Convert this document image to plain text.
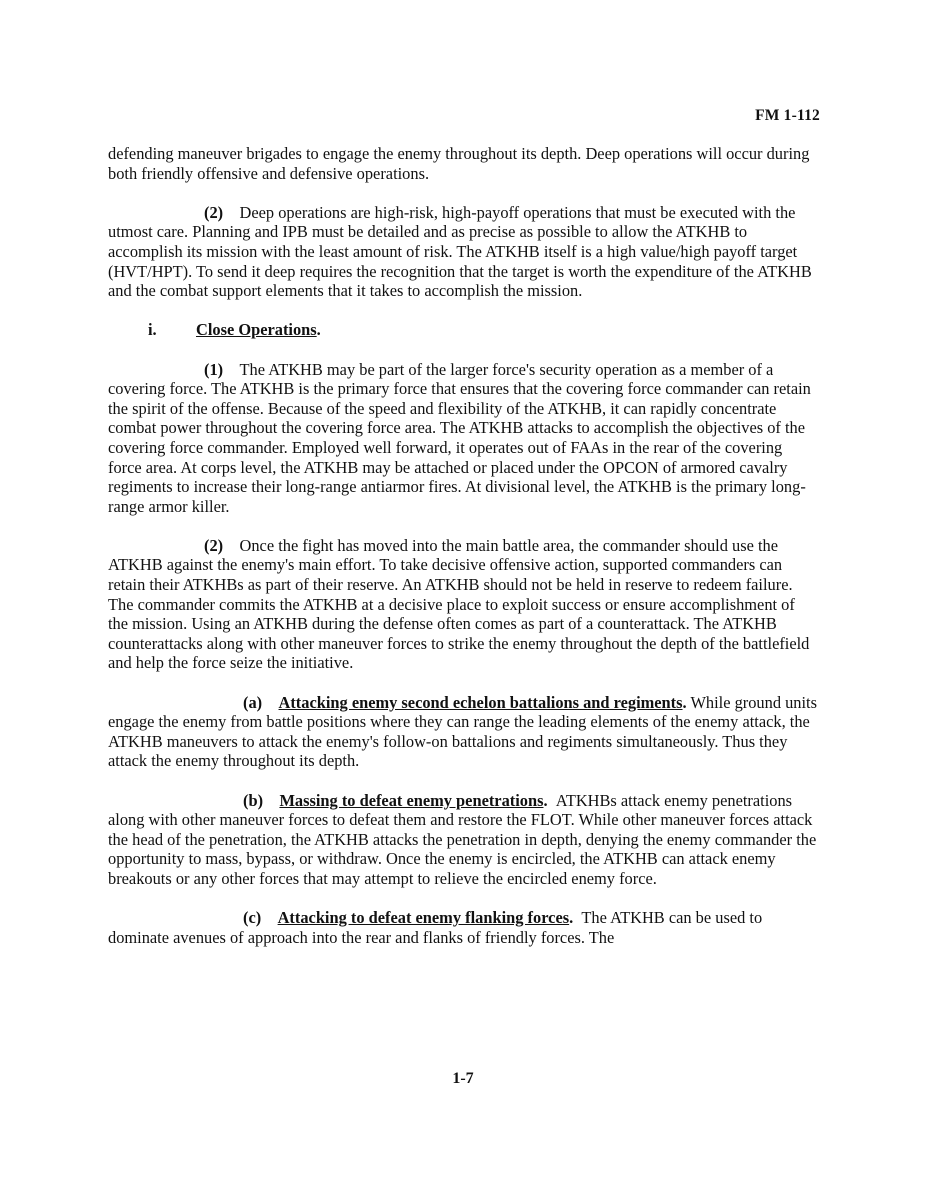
FM 1-112

defending maneuver brigades to engage the enemy throughout its depth. Deep operations will occur during both friendly offensive and defensive operations.

(2) Deep operations are high-risk, high-payoff operations that must be executed with the utmost care. Planning and IPB must be detailed and as precise as possible to allow the ATKHB to accomplish its mission with the least amount of risk. The ATKHB itself is a high value/high payoff target (HVT/HPT). To send it deep requires the recognition that the target is worth the expenditure of the ATKHB and the combat support elements that it takes to accomplish the mission.

i. Close Operations.

(1) The ATKHB may be part of the larger force's security operation as a member of a covering force. The ATKHB is the primary force that ensures that the covering force commander can retain the spirit of the offense. Because of the speed and flexibility of the ATKHB, it can rapidly concentrate combat power throughout the covering force area. The ATKHB attacks to accomplish the objectives of the covering force commander. Employed well forward, it operates out of FAAs in the rear of the covering force area. At corps level, the ATKHB may be attached or placed under the OPCON of armored cavalry regiments to increase their long-range antiarmor fires. At divisional level, the ATKHB is the primary long-range armor killer.

(2) Once the fight has moved into the main battle area, the commander should use the ATKHB against the enemy's main effort. To take decisive offensive action, supported commanders can retain their ATKHBs as part of their reserve. An ATKHB should not be held in reserve to redeem failure. The commander commits the ATKHB at a decisive place to exploit success or ensure accomplishment of the mission. Using an ATKHB during the defense often comes as part of a counterattack. The ATKHB counterattacks along with other maneuver forces to strike the enemy throughout the depth of the battlefield and help the force seize the initiative.

(a) Attacking enemy second echelon battalions and regiments. While ground units engage the enemy from battle positions where they can range the leading elements of the enemy attack, the ATKHB maneuvers to attack the enemy's follow-on battalions and regiments simultaneously. Thus they attack the enemy throughout its depth.

(b) Massing to defeat enemy penetrations. ATKHBs attack enemy penetrations along with other maneuver forces to defeat them and restore the FLOT. While other maneuver forces attack the head of the penetration, the ATKHB attacks the penetration in depth, denying the enemy commander the opportunity to mass, bypass, or withdraw. Once the enemy is encircled, the ATKHB can attack enemy breakouts or any other forces that may attempt to relieve the encircled enemy force.

(c) Attacking to defeat enemy flanking forces. The ATKHB can be used to dominate avenues of approach into the rear and flanks of friendly forces. The

1-7
